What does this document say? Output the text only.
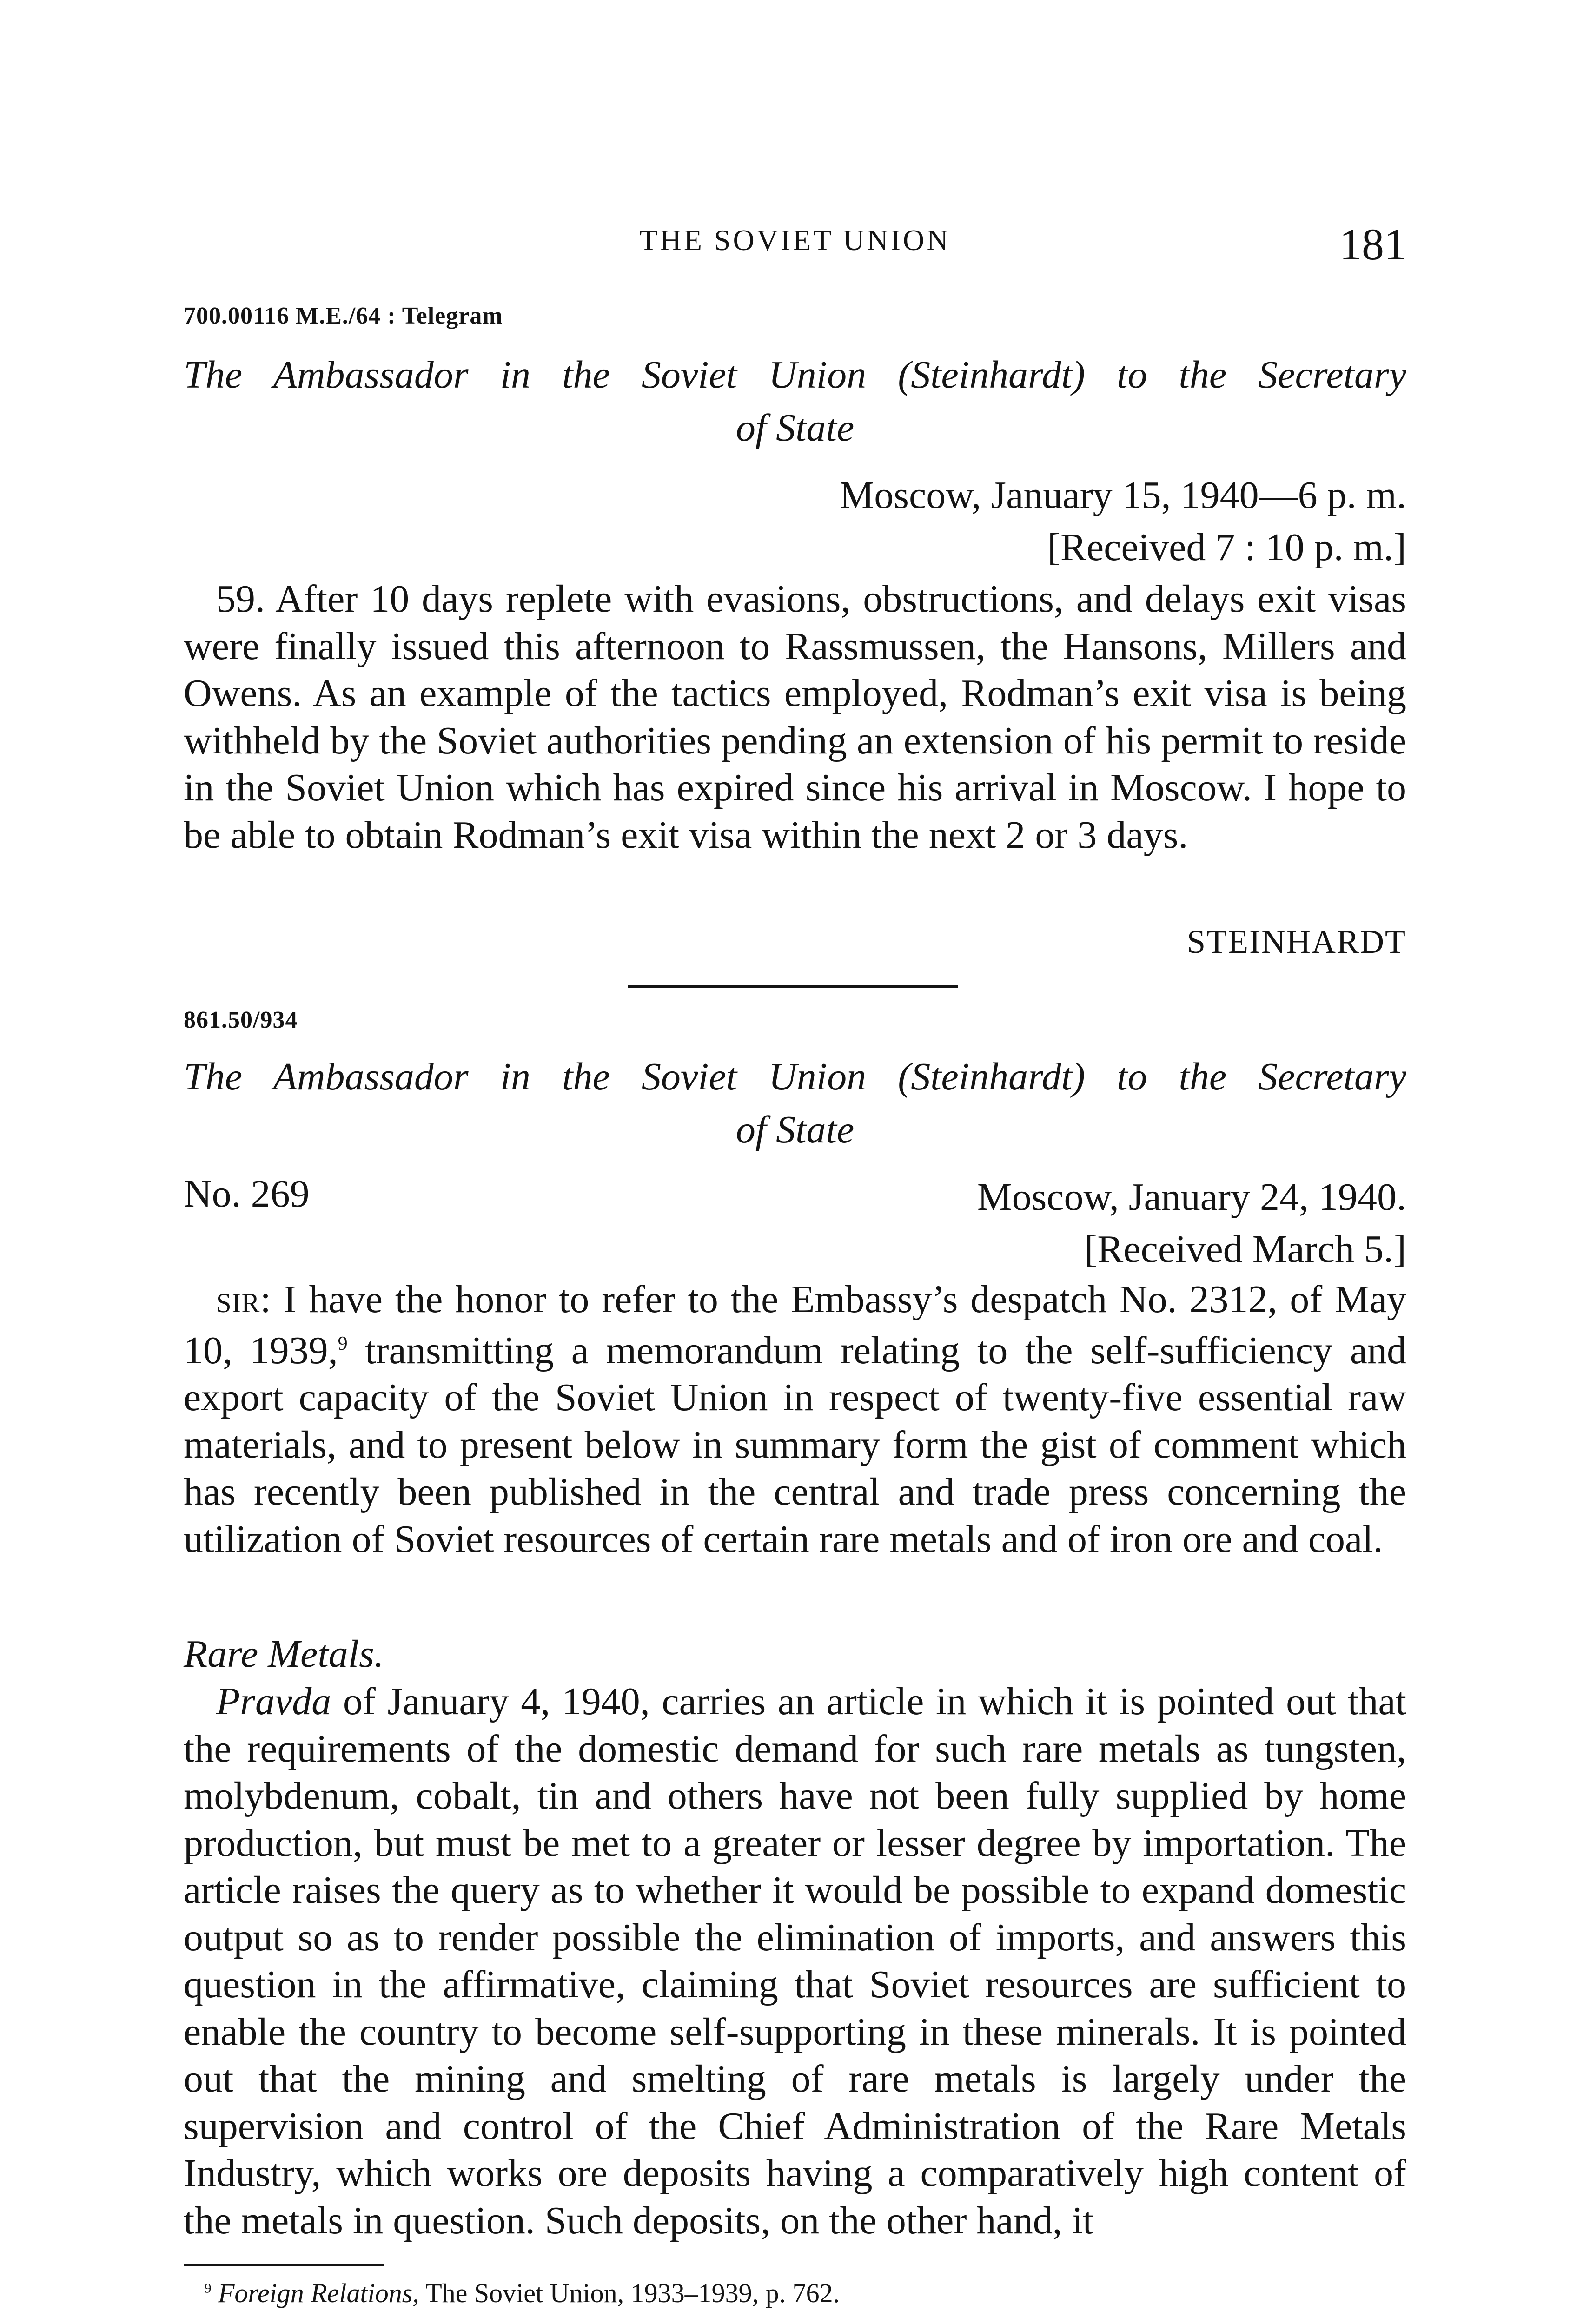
THE SOVIET UNION	181
700.00116 M.E./64 : Telegram
The Ambassador in the Soviet Union (Steinhardt) to the Secretary
of State
Moscow, January 15, 1940—6 p. m.
[Received 7 : 10 p. m.]
59. After 10 days replete with evasions, obstructions, and delays exit visas were finally issued this afternoon to Rassmussen, the Hansons, Millers and Owens. As an example of the tactics employed, Rodman’s exit visa is being withheld by the Soviet authorities pending an extension of his permit to reside in the Soviet Union which has expired since his arrival in Moscow. I hope to be able to obtain Rodman’s exit visa within the next 2 or 3 days.
STEINHARDT
861.50/934
The Ambassador in the Soviet Union (Steinhardt) to the Secretary
of State
No. 269	Moscow, January 24, 1940.
[Received March 5.]
SIR: I have the honor to refer to the Embassy’s despatch No. 2312, of May 10, 1939,$^9$ transmitting a memorandum relating to the self-sufficiency and export capacity of the Soviet Union in respect of twenty-five essential raw materials, and to present below in summary form the gist of comment which has recently been published in the central and trade press concerning the utilization of Soviet resources of certain rare metals and of iron ore and coal.
Rare Metals.
Pravda of January 4, 1940, carries an article in which it is pointed out that the requirements of the domestic demand for such rare metals as tungsten, molybdenum, cobalt, tin and others have not been fully supplied by home production, but must be met to a greater or lesser degree by importation. The article raises the query as to whether it would be possible to expand domestic output so as to render possible the elimination of imports, and answers this question in the affirmative, claiming that Soviet resources are sufficient to enable the country to become self-supporting in these minerals. It is pointed out that the mining and smelting of rare metals is largely under the supervision and control of the Chief Administration of the Rare Metals Industry, which works ore deposits having a comparatively high content of the metals in question. Such deposits, on the other hand, it
$^9$ Foreign Relations, The Soviet Union, 1933–1939, p. 762.
